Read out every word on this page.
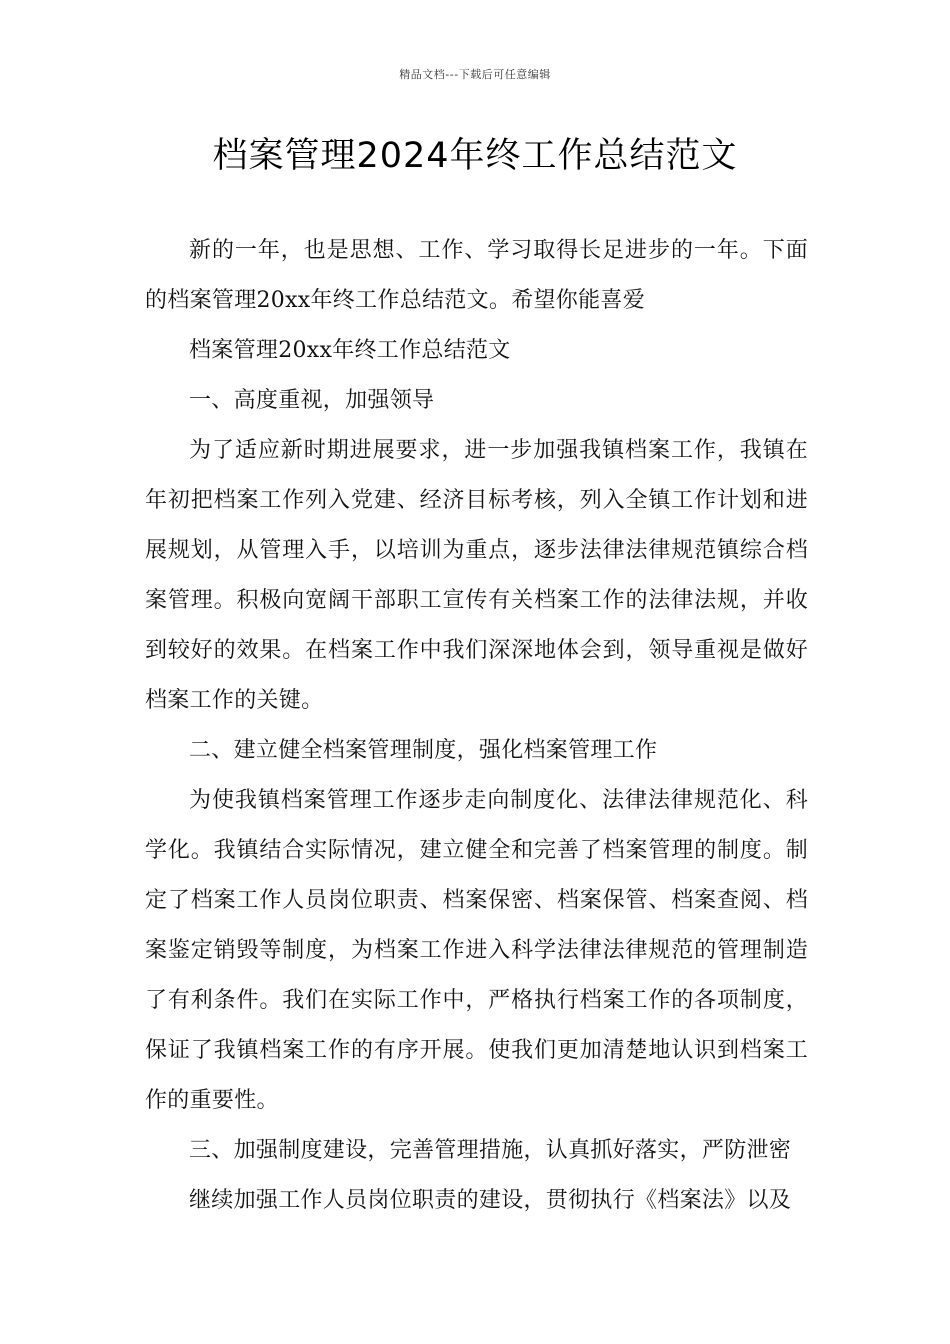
精品文档---下载后可任意编辑
档案管理2024年终工作总结范文

新的一年，也是思想、工作、学习取得长足进步的一年。下面的档案管理20xx年终工作总结范文。希望你能喜爱

档案管理20xx年终工作总结范文

一、高度重视，加强领导

为了适应新时期进展要求，进一步加强我镇档案工作，我镇在年初把档案工作列入党建、经济目标考核，列入全镇工作计划和进展规划，从管理入手，以培训为重点，逐步法律法律规范镇综合档案管理。积极向宽阔干部职工宣传有关档案工作的法律法规，并收到较好的效果。在档案工作中我们深深地体会到，领导重视是做好档案工作的关键。

二、建立健全档案管理制度，强化档案管理工作

为使我镇档案管理工作逐步走向制度化、法律法律规范化、科学化。我镇结合实际情况，建立健全和完善了档案管理的制度。制定了档案工作人员岗位职责、档案保密、档案保管、档案查阅、档案鉴定销毁等制度，为档案工作进入科学法律法律规范的管理制造了有利条件。我们在实际工作中，严格执行档案工作的各项制度，保证了我镇档案工作的有序开展。使我们更加清楚地认识到档案工作的重要性。

三、加强制度建设，完善管理措施，认真抓好落实，严防泄密

继续加强工作人员岗位职责的建设，贯彻执行《档案法》以及
